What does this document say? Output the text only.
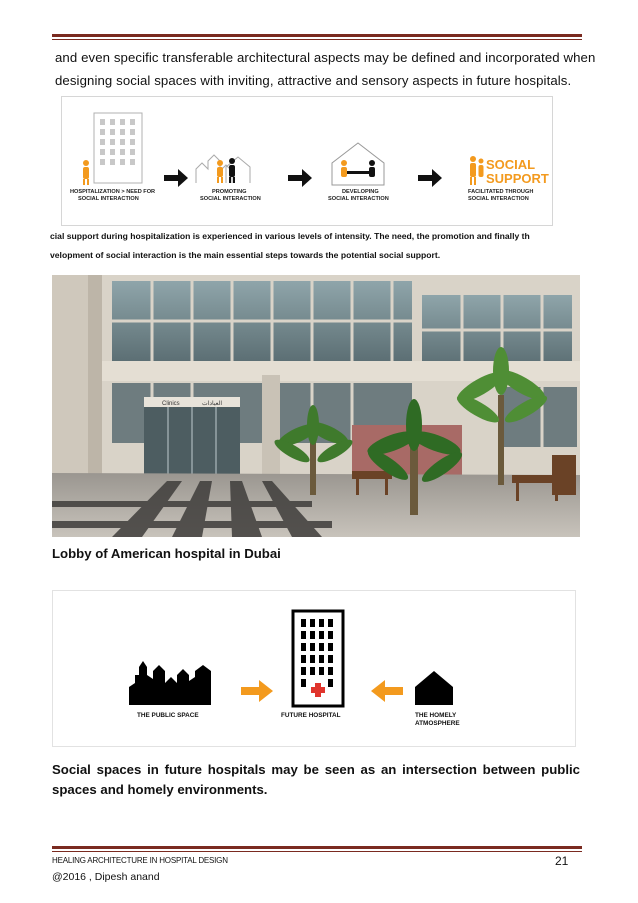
and even specific transferable architectural aspects may be defined and incorporated when

designing social spaces with inviting, attractive and sensory aspects in future hospitals.

HOSPITALIZATION > NEED FOR
SOCIAL INTERACTION
PROMOTING
SOCIAL INTERACTION
DEVELOPING
SOCIAL INTERACTION
SOCIAL
SUPPORT
FACILITATED THROUGH
SOCIAL INTERACTION
cial support during hospitalization is experienced in various levels of intensity. The need, the promotion and finally th
velopment of social interaction is the main essential steps towards the potential social support.
Clinics	العيادات
Lobby of American hospital in Dubai
THE PUBLIC SPACE	FUTURE HOSPITAL	THE HOMELY
ATMOSPHERE
Social spaces in future hospitals may be seen as an intersection between public spaces and homely environments.
HEALING ARCHITECTURE IN HOSPITAL DESIGN
@2016 , Dipesh anand
21
